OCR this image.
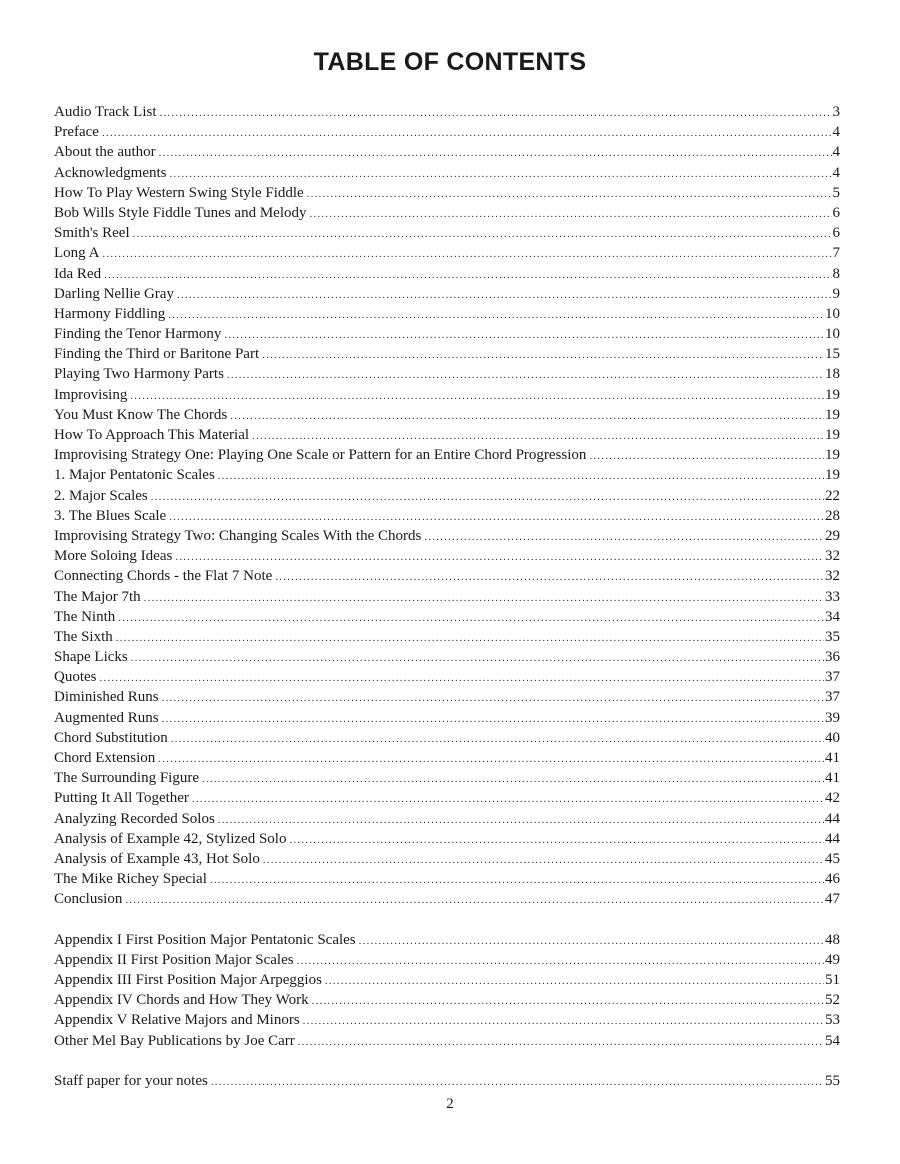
TABLE OF CONTENTS
Audio Track List .....	3
Preface .....	4
About the author .....	4
Acknowledgments .....	4
How To Play Western Swing Style Fiddle .....	5
Bob Wills Style Fiddle Tunes and Melody .....	6
Smith's Reel .....	6
Long A .....	7
Ida Red .....	8
Darling Nellie Gray .....	9
Harmony Fiddling .....	10
Finding the Tenor Harmony .....	10
Finding the Third or Baritone Part .....	15
Playing Two Harmony Parts .....	18
Improvising .....	19
You Must Know The Chords .....	19
How To Approach This Material .....	19
Improvising Strategy One: Playing One Scale or Pattern for an Entire Chord Progression .....	19
1. Major Pentatonic Scales .....	19
2. Major Scales .....	22
3. The Blues Scale .....	28
Improvising Strategy Two: Changing Scales With the Chords .....	29
More Soloing Ideas .....	32
Connecting Chords - the Flat 7 Note .....	32
The Major 7th .....	33
The Ninth .....	34
The Sixth .....	35
Shape Licks .....	36
Quotes .....	37
Diminished Runs .....	37
Augmented Runs .....	39
Chord Substitution .....	40
Chord Extension .....	41
The Surrounding Figure .....	41
Putting It All Together .....	42
Analyzing Recorded Solos .....	44
Analysis of Example 42, Stylized Solo .....	44
Analysis of Example 43, Hot Solo .....	45
The Mike Richey Special .....	46
Conclusion .....	47
Appendix I First Position Major Pentatonic Scales .....	48
Appendix II First Position Major Scales .....	49
Appendix III First Position Major Arpeggios .....	51
Appendix IV Chords and How They Work .....	52
Appendix V Relative Majors and Minors .....	53
Other Mel Bay Publications by Joe Carr .....	54
Staff paper for your notes .....	55
2
